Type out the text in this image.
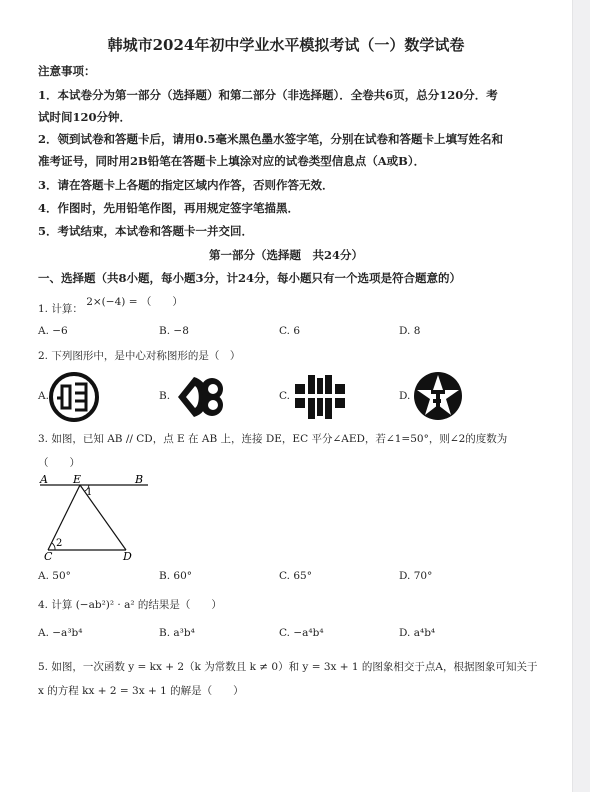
韩城市2024年初中学业水平模拟考试（一）数学试卷
注意事项：
1．本试卷分为第一部分（选择题）和第二部分（非选择题）．全卷共6页，总分120分．考
试时间120分钟．
2．领到试卷和答题卡后，请用0.5毫米黑色墨水签字笔，分别在试卷和答题卡上填写姓名和
准考证号，同时用2B铅笔在答题卡上填涂对应的试卷类型信息点（A或B）．
3．请在答题卡上各题的指定区域内作答，否则作答无效．
4．作图时，先用铅笔作图，再用规定签字笔描黑．
5．考试结束，本试卷和答题卡一并交回．
第一部分（选择题　共24分）
一、选择题（共8小题，每小题3分，计24分，每小题只有一个选项是符合题意的）
1. 计算： 2×(−4) = （　　）
A. −6	B. −8	C. 6	D. 8
2. 下列图形中，是中心对称图形的是（　）
A.	B.	C.	D.
3. 如图，已知 AB // CD，点 E 在 AB 上，连接 DE，EC 平分∠AED，若∠1=50°，则∠2的度数为
（　　）
A E	B
1
2
C	D
A. 50°	B. 60°	C. 65°	D. 70°
4. 计算 (−ab²)² · a² 的结果是（　　）
A. −a³b⁴	B. a³b⁴	C. −a⁴b⁴	D. a⁴b⁴
5. 如图，一次函数 y = kx + 2（k 为常数且 k ≠ 0）和 y = 3x + 1 的图象相交于点A，根据图象可知关于
x 的方程 kx + 2 = 3x + 1 的解是（　　）
